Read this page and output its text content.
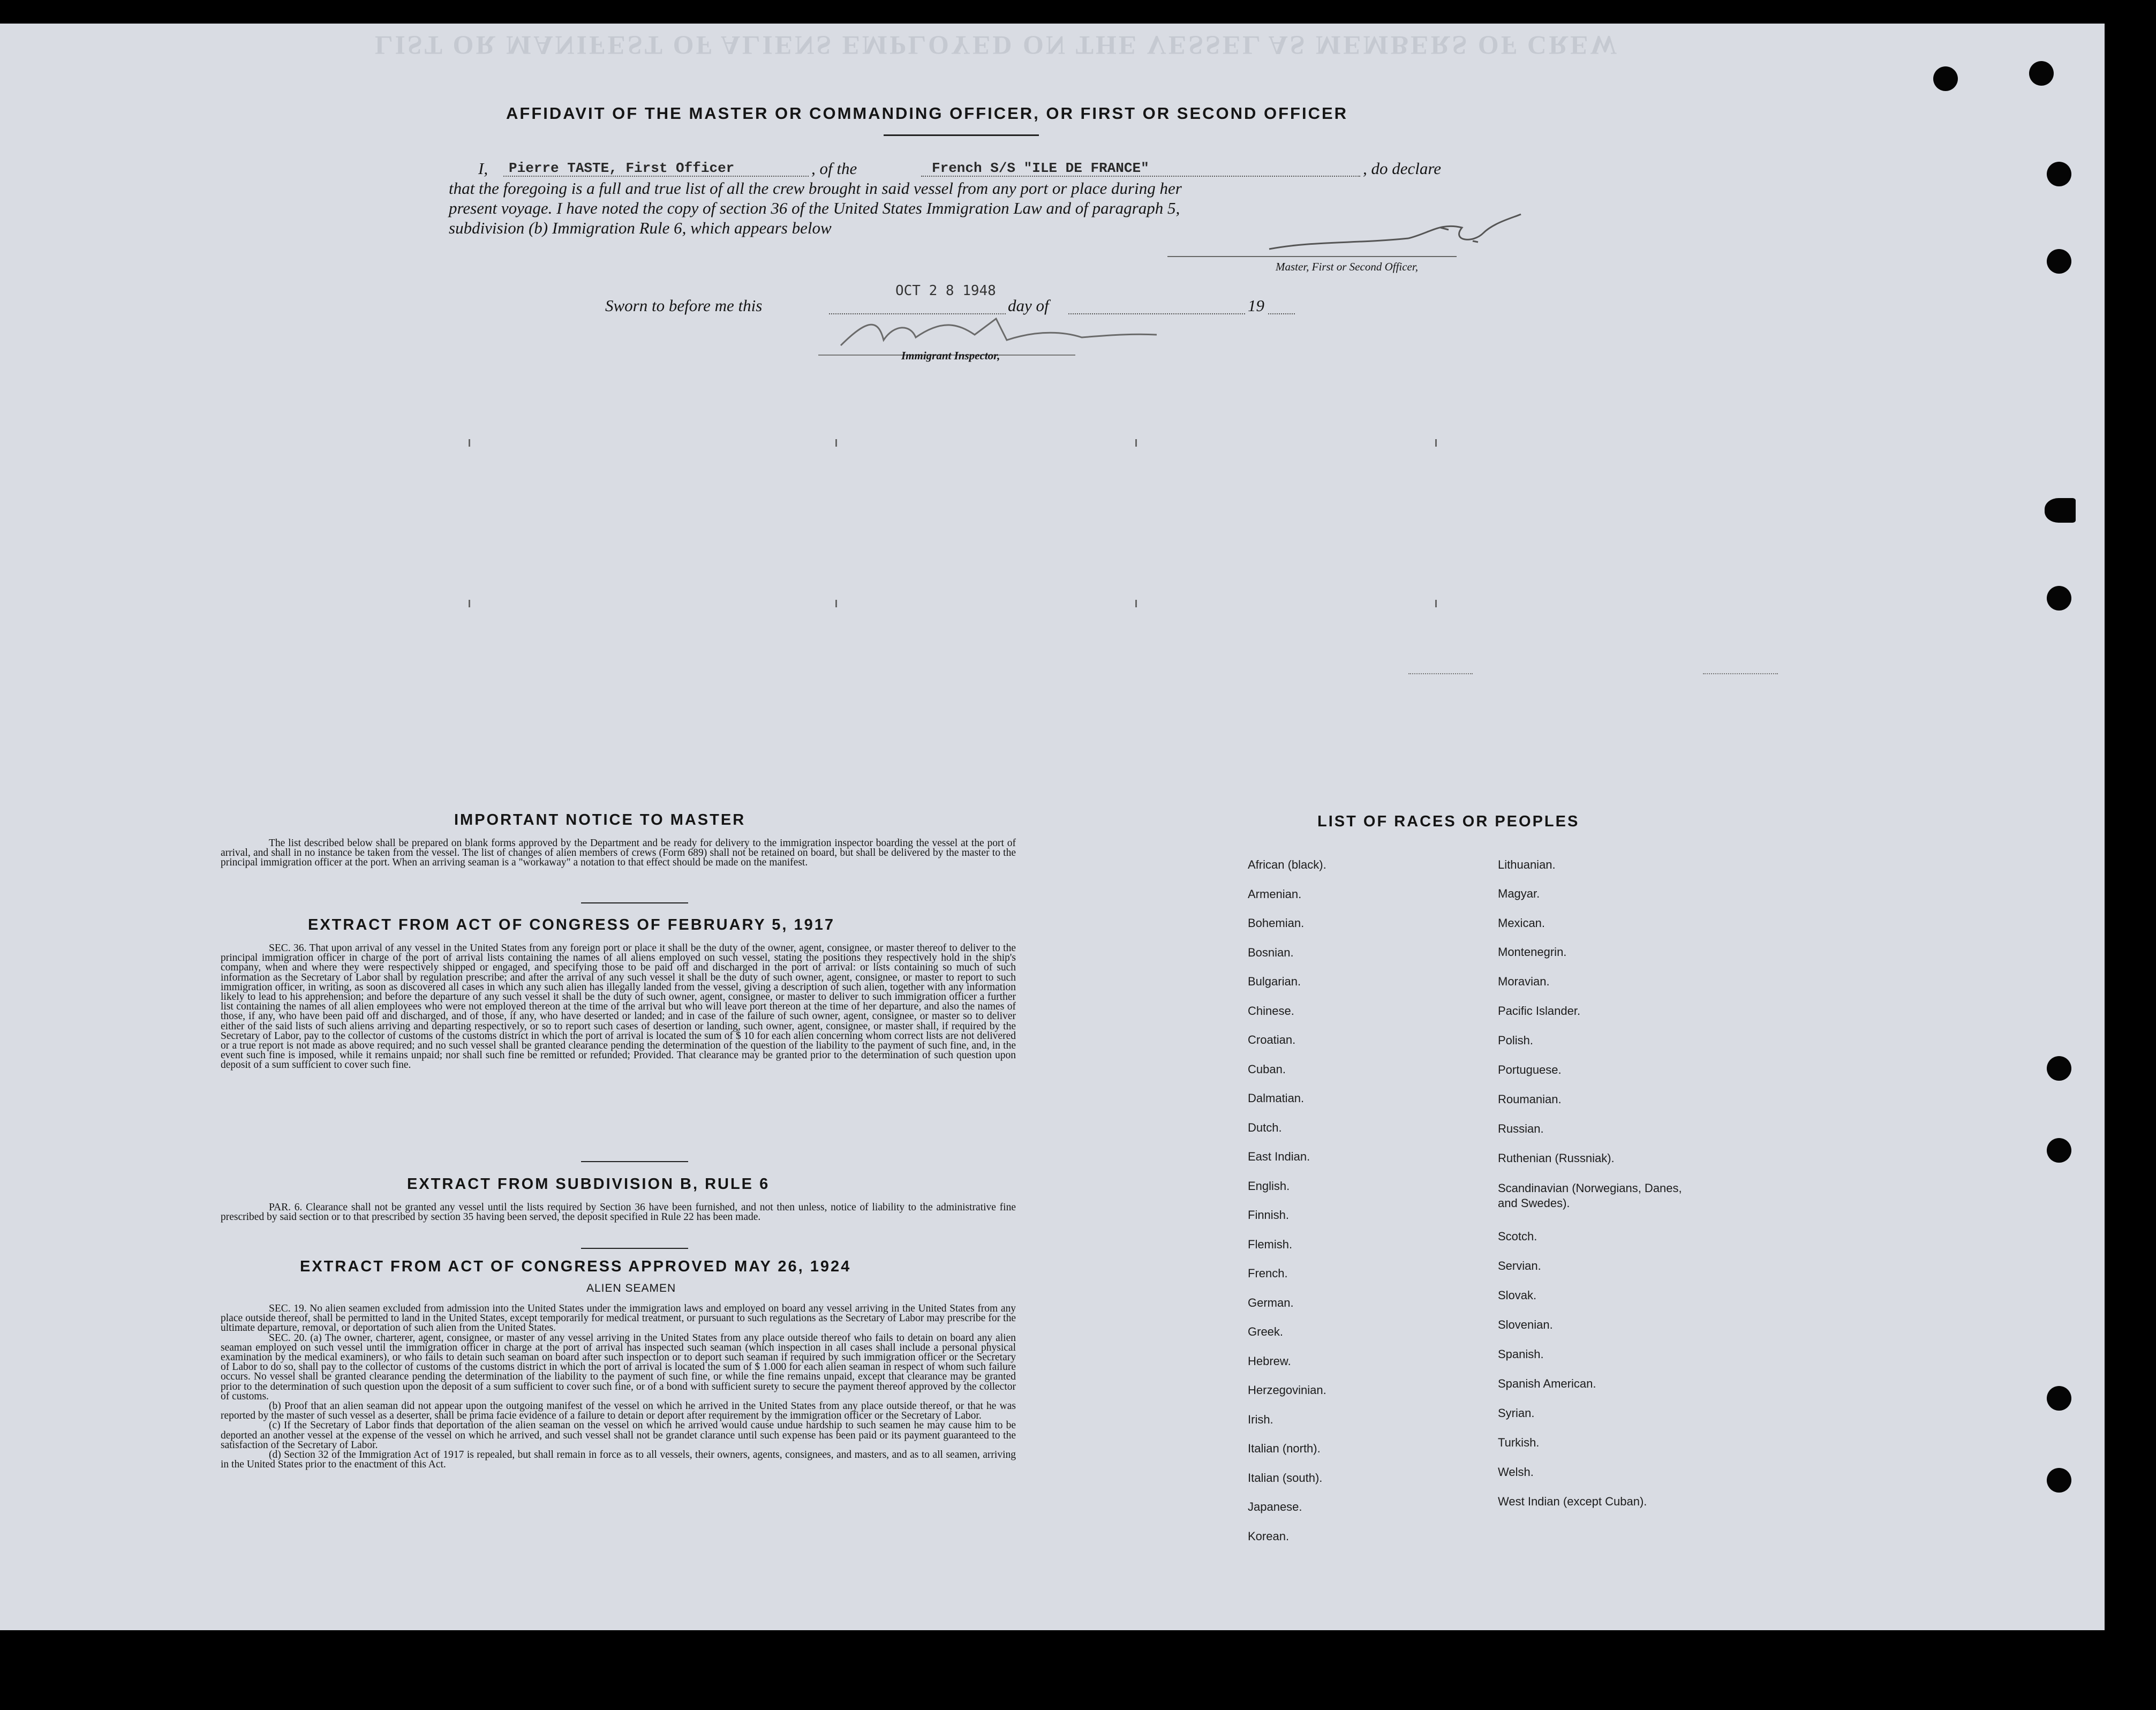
LIST OR MANIFEST OF ALIENS EMPLOYED ON THE VESSEL AS MEMBERS OF CREW
AFFIDAVIT OF THE MASTER OR COMMANDING OFFICER, OR FIRST OR SECOND OFFICER
I, Pierre TASTE, First Officer	, of the	French S/S "ILE DE FRANCE"	, do declare
that the foregoing is a full and true list of all the crew brought in said vessel from any port or place during her
present voyage. I have noted the copy of section 36 of the United States Immigration Law and of paragraph 5,
subdivision (b) Immigration Rule 6, which appears below
Master, First or Second Officer,
Sworn to before me this
OCT 2 8 1948
day of	19
Immigrant Inspector,
IMPORTANT NOTICE TO MASTER

The list described below shall be prepared on blank forms approved by the Department and be ready for delivery to the immigration inspector boarding the vessel at the port of arrival, and shall in no instance be taken from the vessel. The list of changes of alien members of crews (Form 689) shall not be retained on board, but shall be delivered by the master to the principal immigration officer at the port. When an arriving seaman is a "workaway" a notation to that effect should be made on the manifest.

EXTRACT FROM ACT OF CONGRESS OF FEBRUARY 5, 1917

SEC. 36. That upon arrival of any vessel in the United States from any foreign port or place it shall be the duty of the owner, agent, consignee, or master thereof to deliver to the principal immigration officer in charge of the port of arrival lists containing the names of all aliens employed on such vessel, stating the positions they respectively hold in the ship's company, when and where they were respectively shipped or engaged, and specifying those to be paid off and discharged in the port of arrival: or lists containing so much of such information as the Secretary of Labor shall by regulation prescribe; and after the arrival of any such vessel it shall be the duty of such owner, agent, consignee, or master to report to such immigration officer, in writing, as soon as discovered all cases in which any such alien has illegally landed from the vessel, giving a description of such alien, together with any information likely to lead to his apprehension; and before the departure of any such vessel it shall be the duty of such owner, agent, consignee, or master to deliver to such immigration officer a further list containing the names of all alien employees who were not employed thereon at the time of the arrival but who will leave port thereon at the time of her departure, and also the names of those, if any, who have been paid off and discharged, and of those, if any, who have deserted or landed; and in case of the failure of such owner, agent, consignee, or master so to deliver either of the said lists of such aliens arriving and departing respectively, or so to report such cases of desertion or landing, such owner, agent, consignee, or master shall, if required by the Secretary of Labor, pay to the collector of customs of the customs district in which the port of arrival is located the sum of $ 10 for each alien concerning whom correct lists are not delivered or a true report is not made as above required; and no such vessel shall be granted clearance pending the determination of the question of the liability to the payment of such fine, and, in the event such fine is imposed, while it remains unpaid; nor shall such fine be remitted or refunded; Provided. That clearance may be granted prior to the determination of such question upon deposit of a sum sufficient to cover such fine.

EXTRACT FROM SUBDIVISION B, RULE 6

PAR. 6. Clearance shall not be granted any vessel until the lists required by Section 36 have been furnished, and not then unless, notice of liability to the administrative fine prescribed by said section or to that prescribed by section 35 having been served, the deposit specified in Rule 22 has been made.

EXTRACT FROM ACT OF CONGRESS APPROVED MAY 26, 1924
ALIEN SEAMEN

SEC. 19. No alien seamen excluded from admission into the United States under the immigration laws and employed on board any vessel arriving in the United States from any place outside thereof, shall be permitted to land in the United States, except temporarily for medical treatment, or pursuant to such regulations as the Secretary of Labor may prescribe for the ultimate departure, removal, or deportation of such alien from the United States.

SEC. 20. (a) The owner, charterer, agent, consignee, or master of any vessel arriving in the United States from any place outside thereof who fails to detain on board any alien seaman employed on such vessel until the immigration officer in charge at the port of arrival has inspected such seaman (which inspection in all cases shall include a personal physical examination by the medical examiners), or who fails to detain such seaman on board after such inspection or to deport such seaman if required by such immigration officer or the Secretary of Labor to do so, shall pay to the collector of customs of the customs district in which the port of arrival is located the sum of $ 1.000 for each alien seaman in respect of whom such failure occurs. No vessel shall be granted clearance pending the determination of the liability to the payment of such fine, or while the fine remains unpaid, except that clearance may be granted prior to the determination of such question upon the deposit of a sum sufficient to cover such fine, or of a bond with sufficient surety to secure the payment thereof approved by the collector of customs.

(b) Proof that an alien seaman did not appear upon the outgoing manifest of the vessel on which he arrived in the United States from any place outside thereof, or that he was reported by the master of such vessel as a deserter, shall be prima facie evidence of a failure to detain or deport after requirement by the immigration officer or the Secretary of Labor.

(c) If the Secretary of Labor finds that deportation of the alien seaman on the vessel on which he arrived would cause undue hardship to such seamen he may cause him to be deported an another vessel at the expense of the vessel on which he arrived, and such vessel shall not be grandet clarance until such expense has been paid or its payment guaranteed to the satisfaction of the Secretary of Labor.

(d) Section 32 of the Immigration Act of 1917 is repealed, but shall remain in force as to all vessels, their owners, agents, consignees, and masters, and as to all seamen, arriving in the United States prior to the enactment of this Act.

LIST OF RACES OR PEOPLES
African (black).
Armenian.
Bohemian.
Bosnian.
Bulgarian.
Chinese.
Croatian.
Cuban.
Dalmatian.
Dutch.
East Indian.
English.
Finnish.
Flemish.
French.
German.
Greek.
Hebrew.
Herzegovinian.
Irish.
Italian (north).
Italian (south).
Japanese.
Korean.
Lithuanian.
Magyar.
Mexican.
Montenegrin.
Moravian.
Pacific Islander.
Polish.
Portuguese.
Roumanian.
Russian.
Ruthenian (Russniak).
Scandinavian (Norwegians, Danes, and Swedes).
Scotch.
Servian.
Slovak.
Slovenian.
Spanish.
Spanish American.
Syrian.
Turkish.
Welsh.
West Indian (except Cuban).
